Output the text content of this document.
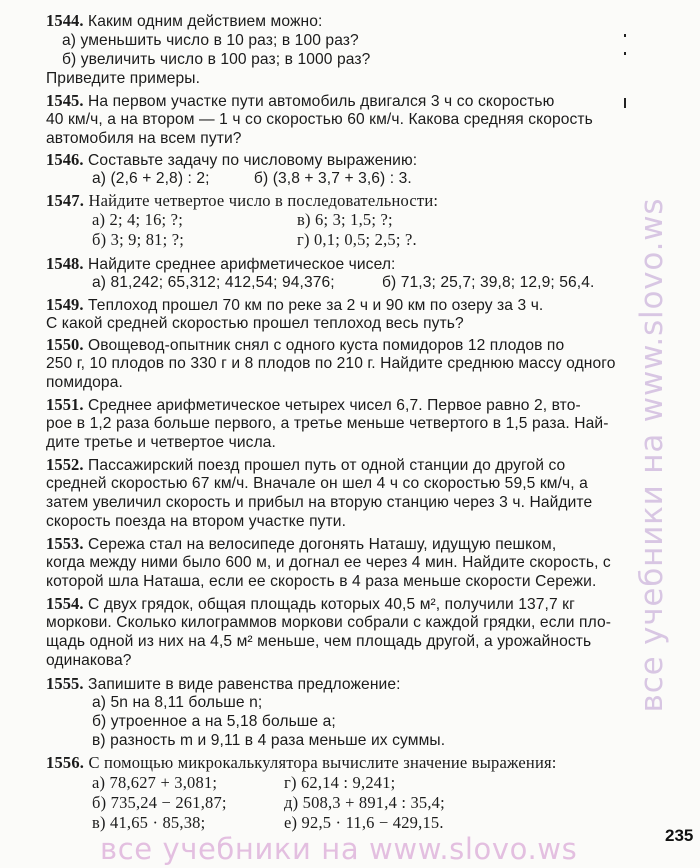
1544. Каким одним действием можно:
а) уменьшить число в 10 раз; в 100 раз?
б) увеличить число в 100 раз; в 1000 раз?
Приведите примеры.
1545. На первом участке пути автомобиль двигался 3 ч со скоростью
40 км/ч, а на втором — 1 ч со скоростью 60 км/ч. Какова средняя скорость
автомобиля на всем пути?
1546. Составьте задачу по числовому выражению:
а) (2,6 + 2,8) : 2;          б) (3,8 + 3,7 + 3,6) : 3.
1547. Найдите четвертое число в последовательности:
а) 2; 4; 16; ?;	в) 6; 3; 1,5; ?;
б) 3; 9; 81; ?;	г) 0,1; 0,5; 2,5; ?.
1548. Найдите среднее арифметическое чисел:
а) 81,242; 65,312; 412,54; 94,376;	б) 71,3; 25,7; 39,8; 12,9; 56,4.
1549. Теплоход прошел 70 км по реке за 2 ч и 90 км по озеру за 3 ч.
С какой средней скоростью прошел теплоход весь путь?
1550. Овощевод-опытник снял с одного куста помидоров 12 плодов по
250 г, 10 плодов по 330 г и 8 плодов по 210 г. Найдите среднюю массу одного
помидора.
1551. Среднее арифметическое четырех чисел 6,7. Первое равно 2, вто-
рое в 1,2 раза больше первого, а третье меньше четвертого в 1,5 раза. Най-
дите третье и четвертое числа.
1552. Пассажирский поезд прошел путь от одной станции до другой со
средней скоростью 67 км/ч. Вначале он шел 4 ч со скоростью 59,5 км/ч, а
затем увеличил скорость и прибыл на вторую станцию через 3 ч. Найдите
скорость поезда на втором участке пути.
1553. Сережа стал на велосипеде догонять Наташу, идущую пешком,
когда между ними было 600 м, и догнал ее через 4 мин. Найдите скорость, с
которой шла Наташа, если ее скорость в 4 раза меньше скорости Сережи.
1554. С двух грядок, общая площадь которых 40,5 м², получили 137,7 кг
моркови. Сколько килограммов моркови собрали с каждой грядки, если пло-
щадь одной из них на 4,5 м² меньше, чем площадь другой, а урожайность
одинакова?
1555. Запишите в виде равенства предложение:
а) 5n на 8,11 больше n;
б) утроенное a на 5,18 больше a;
в) разность m и 9,11 в 4 раза меньше их суммы.
1556. С помощью микрокалькулятора вычислите значение выражения:
а) 78,627 + 3,081;	г) 62,14 : 9,241;
б) 735,24 − 261,87;	д) 508,3 + 891,4 : 35,4;
в) 41,65 · 85,38;	е) 92,5 · 11,6 − 429,15.
все учебники на www.slovo.ws
все учебники на www.slovo.ws	235
